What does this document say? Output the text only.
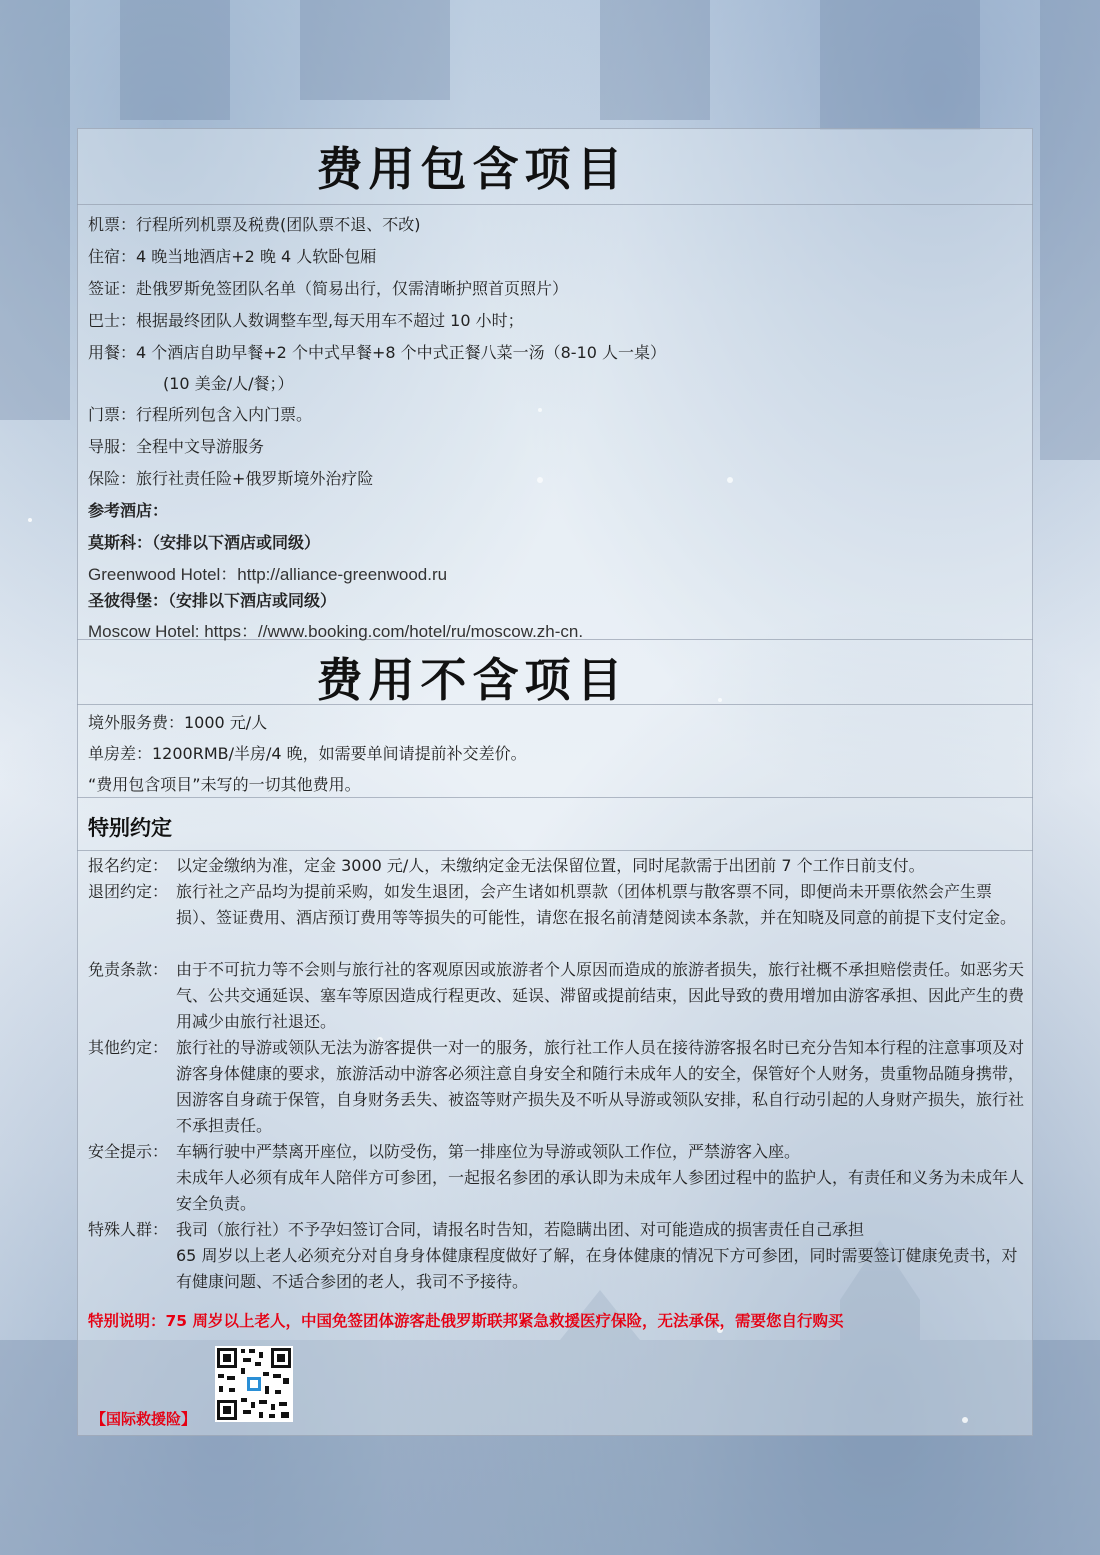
费用包含项目
机票：行程所列机票及税费(团队票不退、不改)
住宿：4 晚当地酒店+2 晚 4 人软卧包厢
签证：赴俄罗斯免签团队名单（简易出行，仅需清晰护照首页照片）
巴士：根据最终团队人数调整车型,每天用车不超过 10 小时；
用餐：4 个酒店自助早餐+2 个中式早餐+8 个中式正餐八菜一汤（8-10 人一桌）
(10 美金/人/餐；）
门票：行程所列包含入内门票。
导服：全程中文导游服务
保险：旅行社责任险+俄罗斯境外治疗险
参考酒店：
莫斯科：（安排以下酒店或同级）
Greenwood Hotel：http://alliance-greenwood.ru
圣彼得堡：（安排以下酒店或同级）
Moscow Hotel: https：//www.booking.com/hotel/ru/moscow.zh-cn.
费用不含项目
境外服务费：1000 元/人
单房差：1200RMB/半房/4 晚，如需要单间请提前补交差价。
“费用包含项目”未写的一切其他费用。
特别约定
报名约定： 以定金缴纳为准，定金 3000 元/人，未缴纳定金无法保留位置，同时尾款需于出团前 7 个工作日前支付。
退团约定： 旅行社之产品均为提前采购，如发生退团，会产生诸如机票款（团体机票与散客票不同，即便尚未开票依然会产生票损）、签证费用、酒店预订费用等等损失的可能性，请您在报名前清楚阅读本条款，并在知晓及同意的前提下支付定金。
免责条款： 由于不可抗力等不会则与旅行社的客观原因或旅游者个人原因而造成的旅游者损失，旅行社概不承担赔偿责任。如恶劣天气、公共交通延误、塞车等原因造成行程更改、延误、滞留或提前结束，因此导致的费用增加由游客承担、因此产生的费用减少由旅行社退还。
其他约定： 旅行社的导游或领队无法为游客提供一对一的服务，旅行社工作人员在接待游客报名时已充分告知本行程的注意事项及对游客身体健康的要求，旅游活动中游客必须注意自身安全和随行未成年人的安全，保管好个人财务，贵重物品随身携带，因游客自身疏于保管，自身财务丢失、被盗等财产损失及不听从导游或领队安排，私自行动引起的人身财产损失，旅行社不承担责任。
安全提示： 车辆行驶中严禁离开座位，以防受伤，第一排座位为导游或领队工作位，严禁游客入座。
未成年人必须有成年人陪伴方可参团，一起报名参团的承认即为未成年人参团过程中的监护人，有责任和义务为未成年人安全负责。
特殊人群： 我司（旅行社）不予孕妇签订合同，请报名时告知，若隐瞒出团、对可能造成的损害责任自己承担
65 周岁以上老人必须充分对自身身体健康程度做好了解，在身体健康的情况下方可参团，同时需要签订健康免责书，对有健康问题、不适合参团的老人，我司不予接待。
特别说明：75 周岁以上老人，中国免签团体游客赴俄罗斯联邦紧急救援医疗保险，无法承保，需要您自行购买
【国际救援险】
